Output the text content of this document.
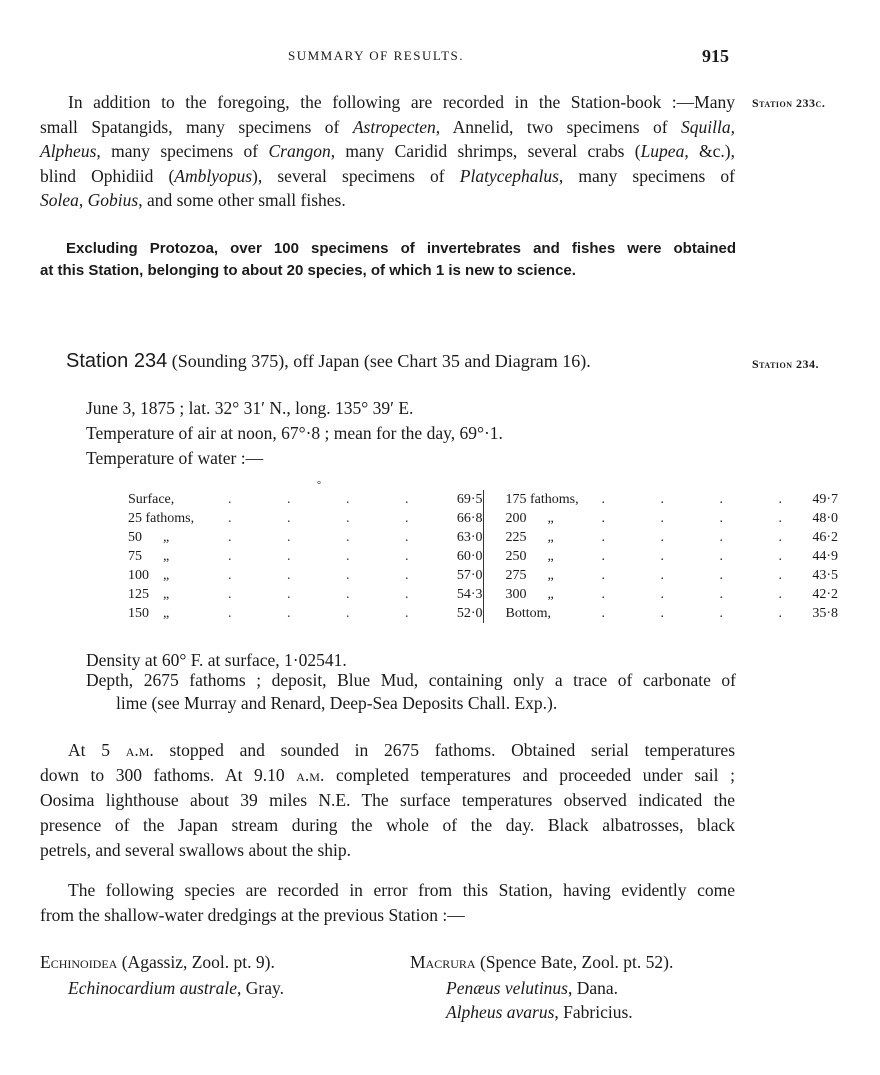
SUMMARY OF RESULTS.	915
Station 233c.
Station 234.
In addition to the foregoing, the following are recorded in the Station-book :—Many
small Spatangids, many specimens of Astropecten, Annelid, two specimens of Squilla,
Alpheus, many specimens of Crangon, many Caridid shrimps, several crabs (Lupea, &c.),
blind Ophidiid (Amblyopus), several specimens of Platycephalus, many specimens of
Solea, Gobius, and some other small fishes.
Excluding Protozoa, over 100 specimens of invertebrates and fishes were obtained
at this Station, belonging to about 20 species, of which 1 is new to science.
Station 234 (Sounding 375), off Japan (see Chart 35 and Diagram 16).
June 3, 1875 ; lat. 32° 31′ N., long. 135° 39′ E.
Temperature of air at noon, 67°·8 ; mean for the day, 69°·1.
Temperature of water :—
°
Surface,	. . . .	69·5		175 fathoms,	. . . .	49·7
25 fathoms,	. . . .	66·8		200      „	. . . .	48·0
50      „	. . . .	63·0		225      „	. . . .	46·2
75      „	. . . .	60·0		250      „	. . . .	44·9
100    „	. . . .	57·0		275      „	. . . .	43·5
125    „	. . . .	54·3		300      „	. . . .	42·2
150    „	. . . .	52·0		Bottom,	. . . .	35·8
Density at 60° F. at surface, 1·02541.
Depth, 2675 fathoms ; deposit, Blue Mud, containing only a trace of carbonate of
lime (see Murray and Renard, Deep-Sea Deposits Chall. Exp.).
At 5 a.m. stopped and sounded in 2675 fathoms. Obtained serial temperatures
down to 300 fathoms. At 9.10 a.m. completed temperatures and proceeded under sail ;
Oosima lighthouse about 39 miles N.E. The surface temperatures observed indicated the
presence of the Japan stream during the whole of the day. Black albatrosses, black
petrels, and several swallows about the ship.
The following species are recorded in error from this Station, having evidently come
from the shallow-water dredgings at the previous Station :—
Echinoidea (Agassiz, Zool. pt. 9).
Echinocardium australe, Gray.
Macrura (Spence Bate, Zool. pt. 52).
Penæus velutinus, Dana.
Alpheus avarus, Fabricius.
